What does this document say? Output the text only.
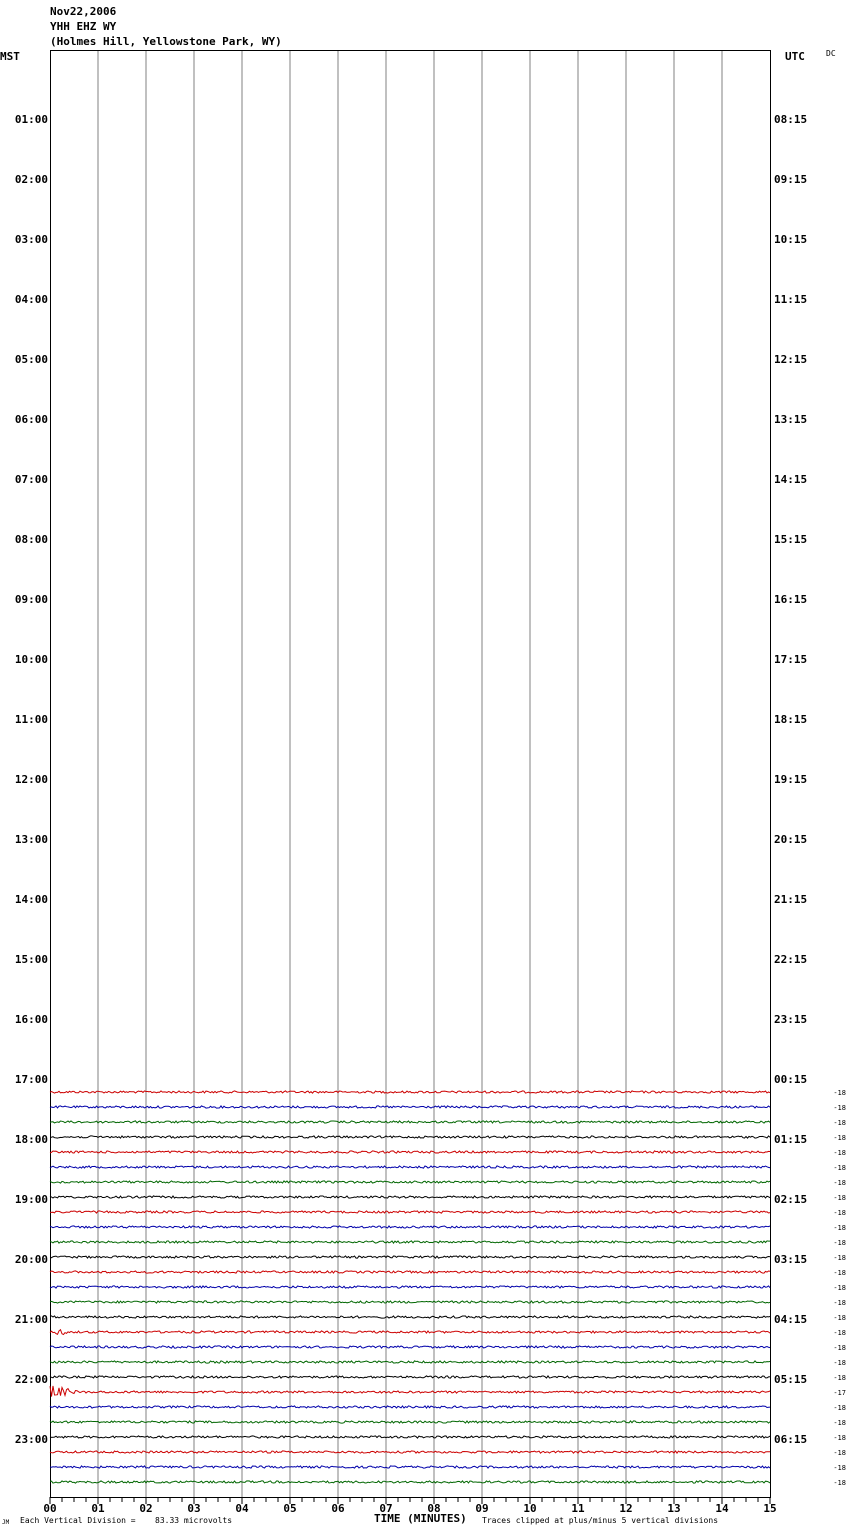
Nov22,2006
YHH EHZ WY
(Holmes Hill, Yellowstone Park, WY)
MST	UTC	DC
01:00
02:00
03:00
04:00
05:00
06:00
07:00
08:00
09:00
10:00
11:00
12:00
13:00
14:00
15:00
16:00
17:00
18:00
19:00
20:00
21:00
22:00
23:00
08:15
09:15
10:15
11:15
12:15
13:15
14:15
15:15
16:15
17:15
18:15
19:15
20:15
21:15
22:15
23:15
00:15
01:15
02:15
03:15
04:15
05:15
06:15
-18
-18
-18
-18
-18
-18
-18
-18
-18
-18
-18
-18
-18
-18
-18
-18
-18
-18
-18
-18
-17
-18
-18
-18
-18
-18
-18
00	01	02	03	04	05	06	07	08	09	10	11	12	13	14	15
JM Each Vertical Division = 83.33 microvolts	TIME (MINUTES) Traces clipped at plus/minus 5 vertical divisions
